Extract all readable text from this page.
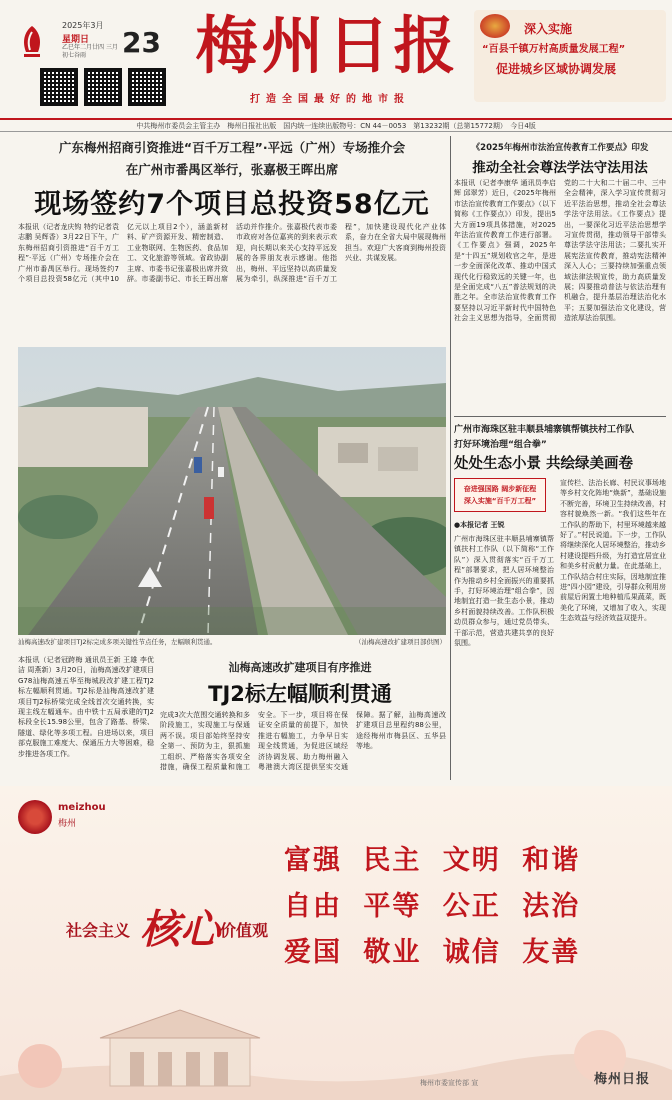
2025年3月
星期日 23
乙巳年二月廿四 三月初七谷雨	梅州日报
打造全国最好的地市报
深入实施
“百县千镇万村高质量发展工程”
促进城乡区域协调发展
中共梅州市委员会主管主办　梅州日报社出版　国内统一连续出版物号：CN 44－0053　第13232期（总第15772期）　今日4版
广东梅州招商引资推进“百千万工程”·平远（广州）专场推介会
在广州市番禺区举行，张嘉极王晖出席
现场签约7个项目总投资58亿元
本报讯（记者龙庆钩 特约记者袁志鹏 吴辉香）3月22日下午，广东梅州招商引资推进“百千万工程”·平远（广州）专场推介会在广州市番禺区举行。现场签约7个项目总投资58亿元（其中10亿元以上项目2个），涵盖新材料、矿产资源开发、精密制造、工业物联网、生物医药、食品加工、文化旅游等领域。省政协副主席、市委书记张嘉极出席并致辞。市委副书记、市长王晖出席活动并作推介。张嘉极代表市委市政府对各位嘉宾的到来表示欢迎，向长期以来关心支持平远发展的各界朋友表示感谢。他指出，梅州、平远坚持以高质量发展为牵引，纵深推进“百千万工程”，加快建设现代化产业体系，奋力在全省大局中展现梅州担当。欢迎广大客商到梅州投资兴业、共谋发展。
《2025年梅州市法治宣传教育工作要点》印发
推动全社会尊法学法守法用法
本报讯（记者李康华 通讯员李启辉 邱翠芳）近日，《2025年梅州市法治宣传教育工作要点》（以下简称《工作要点》）印发，提出5大方面19项具体措施，对2025年法治宣传教育工作进行部署。《工作要点》强调，2025年是“十四五”规划收官之年，是进一步全面深化改革、推动中国式现代化行稳致远的关键一年，也是全面完成“八五”普法规划的决胜之年。全市法治宣传教育工作要坚持以习近平新时代中国特色社会主义思想为指导，全面贯彻党的二十大和二十届二中、三中全会精神，深入学习宣传贯彻习近平法治思想，推动全社会尊法学法守法用法。《工作要点》提出，一要深化习近平法治思想学习宣传贯彻，推动领导干部带头尊法学法守法用法；二要扎实开展宪法宣传教育，推动宪法精神深入人心；三要持续加强重点领域法律法规宣传，助力高质量发展；四要推动普法与依法治理有机融合，提升基层治理法治化水平；五要加强法治文化建设，营造浓厚法治氛围。
汕梅高速改扩建项目TJ2标完成多项关键性节点任务，左幅顺利贯通。	（汕梅高速改扩建项目部供图）
汕梅高速改扩建项目有序推进
TJ2标左幅顺利贯通
本报讯（记者冠跨梅 通讯员王新 王雄 李优洁 周燕新）3月20日，汕梅高速改扩建项目G78汕梅高速五华至梅城段改扩建工程TJ2标左幅顺利贯通。TJ2标是汕梅高速改扩建项目TJ2标桥梁完成全线首次交通转换，实现主线左幅通车。由中铁十五局承建的TJ2标段全长15.98公里，包含了路基、桥梁、隧道、绿化等多项工程。自进场以来，项目部克服施工难度大、保通压力大等困难，稳步推进各项工作。
完成3次大范围交通转换和多阶段施工，实现施工与保通两不误。项目部始终坚持安全第一、预防为主，狠抓施工组织、严格落实各项安全措施，确保工程质量和施工安全。下一步，项目将在保证安全质量的前提下，加快推进右幅施工，力争早日实现全线贯通，为促进区域经济协调发展、助力梅州融入粤港澳大湾区提供坚实交通保障。据了解，汕梅高速改扩建项目总里程约88公里，途经梅州市梅县区、五华县等地。
广州市海珠区驻丰顺县埔寨镇帮镇扶村工作队
打好环境治理“组合拳”
处处生态小景 共绘绿美画卷
奋进强国路 阔步新征程
深入实施“百千万工程”
●本报记者 王锐
广州市海珠区驻丰顺县埔寨镇帮镇扶村工作队（以下简称“工作队”）深入贯彻落实“百千万工程”部署要求，把人居环境整治作为推动乡村全面振兴的重要抓手，打好环境治理“组合拳”，因地制宜打造一批生态小景，推动乡村面貌持续改善。工作队积极动员群众参与，通过党员带头、干部示范，营造共建共享的良好氛围。
宣传栏、法治长廊、村民议事场地等乡村文化阵地“焕新”，基础设施不断完善，环境卫生持续改善，村容村貌焕然一新。“我们这些年在工作队的帮助下，村里环境越来越好了。”村民说道。下一步，工作队将继续深化人居环境整治，推动乡村建设提档升级，为打造宜居宜业和美乡村贡献力量。在此基础上，工作队结合村庄实际，因地制宜推进“四小园”建设，引导群众利用房前屋后闲置土地种植瓜果蔬菜，既美化了环境，又增加了收入，实现生态效益与经济效益双提升。
meizhou
梅州
社会主义 核心 价值观
富强 民主 文明 和谐
自由 平等 公正 法治
爱国 敬业 诚信 友善
梅州市委宣传部 宣	梅州日报
